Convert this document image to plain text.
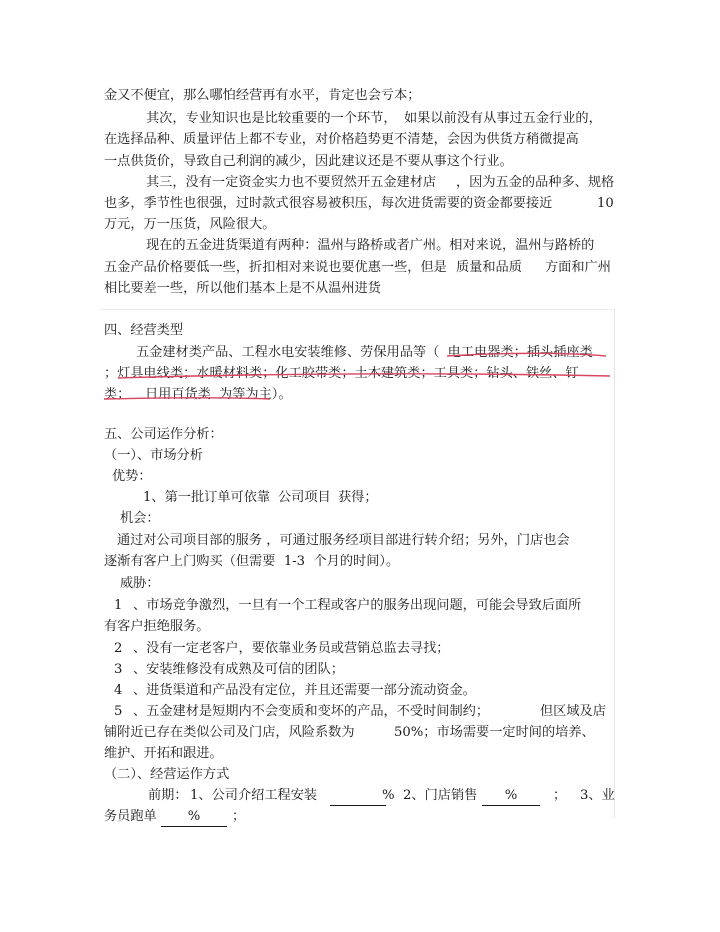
金又不便宜，那么哪怕经营再有水平，肯定也会亏本；
其次，专业知识也是比较重要的一个环节， 如果以前没有从事过五金行业的，
在选择品种、质量评估上都不专业，对价格趋势更不清楚，会因为供货方稍微提高
一点供货价，导致自己利润的减少，因此建议还是不要从事这个行业。
其三，没有一定资金实力也不要贸然开五金建材店 ，因为五金的品种多、规格
也多，季节性也很强，过时款式很容易被积压，每次进货需要的资金都要接近	10
万元，万一压货，风险很大。
现在的五金进货渠道有两种：温州与路桥或者广州。相对来说，温州与路桥的
五金产品价格要低一些，折扣相对来说也要优惠一些，但是 质量和品质 方面和广州
相比要差一些，所以他们基本上是不从温州进货
四、经营类型
五金建材类产品、工程水电安装维修、劳保用品等（  电工电器类；插头插座类
；灯具电线类；水暖材料类；化工胶带类；土木建筑类；工具类；钻头、铁丝、钉
类； 日用百货类 为等为主）。
五、公司运作分析：
（一）、市场分析
优势：
1、第一批订单可依靠 公司项目 获得；
机会：
通过对公司项目部的服务 ，可通过服务经项目部进行转介绍；另外，门店也会
逐渐有客户上门购买（但需要  1-3  个月的时间）。
威胁：
1 、市场竞争激烈，一旦有一个工程或客户的服务出现问题，可能会导致后面所
有客户拒绝服务。
2 、没有一定老客户，要依靠业务员或营销总监去寻找；
3 、安装维修没有成熟及可信的团队；
4 、进货渠道和产品没有定位，并且还需要一部分流动资金。
5 、五金建材是短期内不会变质和变坏的产品，不受时间制约；	但区域及店
铺附近已存在类似公司及门店，风险系数为	50%；市场需要一定时间的培养、
维护、开拓和跟进。
（二）、经营运作方式
前期： 1、公司介绍工程安装
	% 2、门店销售	%	； 3、业
务员跑单	%	；
